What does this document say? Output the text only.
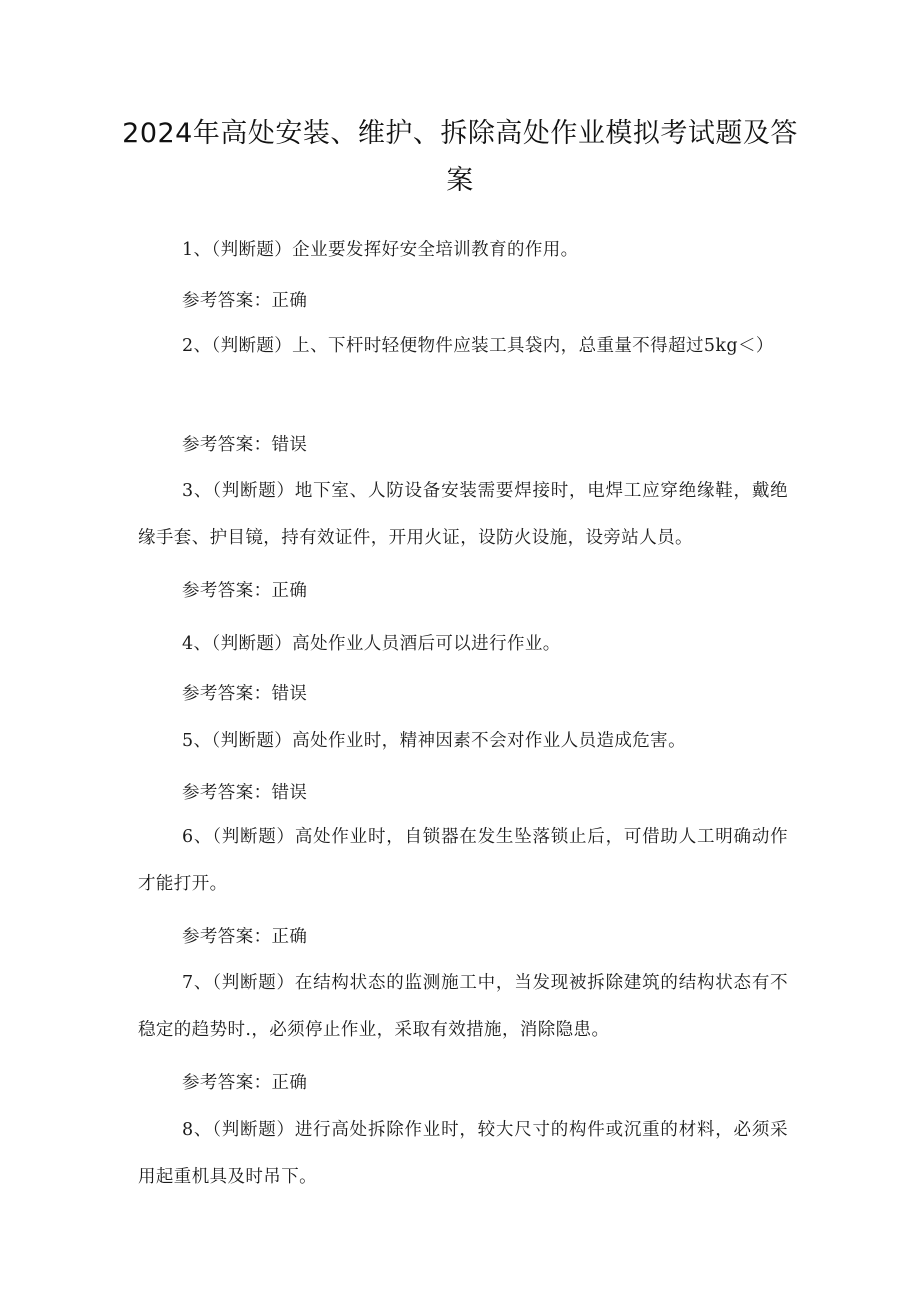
2024年高处安装、维护、拆除高处作业模拟考试题及答案
1、（判断题）企业要发挥好安全培训教育的作用。
参考答案：正确
2、（判断题）上、下杆时轻便物件应装工具袋内，总重量不得超过5kg＜）
参考答案：错误
3、（判断题）地下室、人防设备安装需要焊接时，电焊工应穿绝缘鞋，戴绝缘手套、护目镜，持有效证件，开用火证，设防火设施，设旁站人员。
参考答案：正确
4、（判断题）高处作业人员酒后可以进行作业。
参考答案：错误
5、（判断题）高处作业时，精神因素不会对作业人员造成危害。
参考答案：错误
6、（判断题）高处作业时，自锁器在发生坠落锁止后，可借助人工明确动作才能打开。
参考答案：正确
7、（判断题）在结构状态的监测施工中，当发现被拆除建筑的结构状态有不稳定的趋势时.，必须停止作业，采取有效措施，消除隐患。
参考答案：正确
8、（判断题）进行高处拆除作业时，较大尺寸的构件或沉重的材料，必须采用起重机具及时吊下。
